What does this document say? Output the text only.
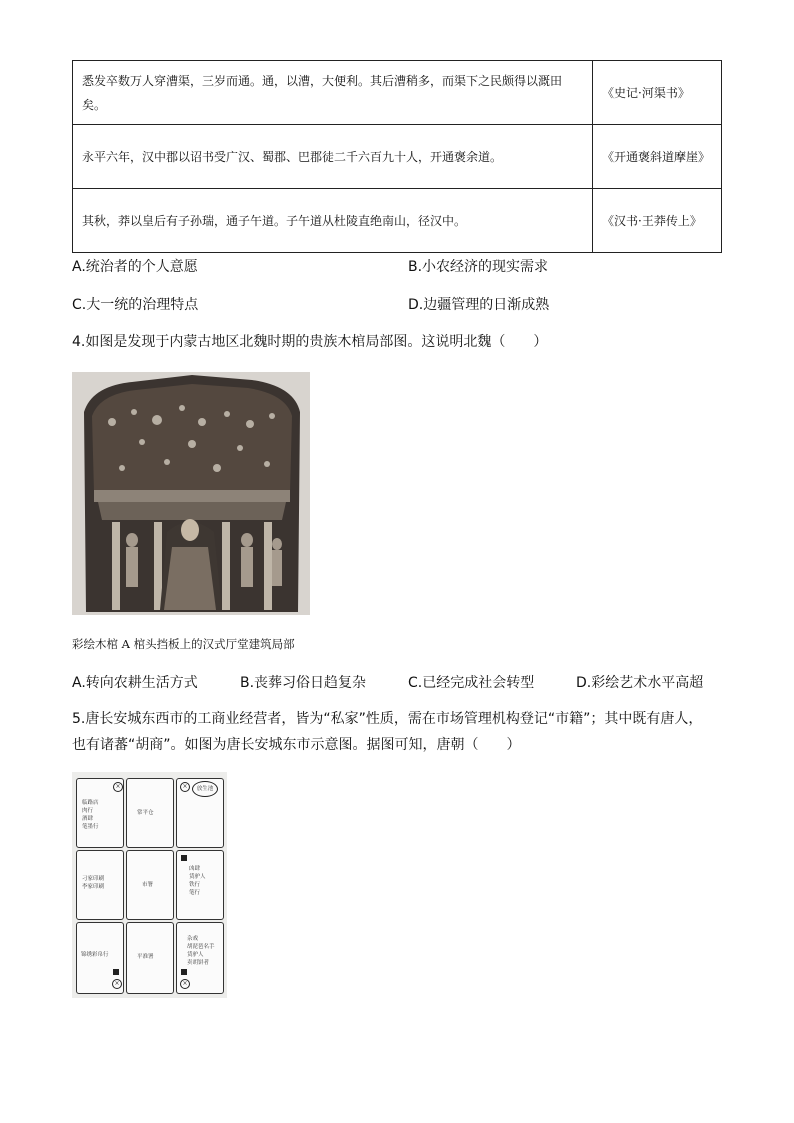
悉发卒数万人穿漕渠，三岁而通。通，以漕，大便利。其后漕稍多，而渠下之民颇得以溉田矣。	《史记·河渠书》
永平六年，汉中郡以诏书受广汉、蜀郡、巴郡徒二千六百九十人，开通褒余道。	《开通褒斜道摩崖》
其秋，莽以皇后有子孙瑞，通子午道。子午道从杜陵直绝南山，径汉中。	《汉书·王莽传上》
A.统治者的个人意愿	B.小农经济的现实需求
C.大一统的治理特点	D.边疆管理的日渐成熟
4.如图是发现于内蒙古地区北魏时期的贵族木棺局部图。这说明北魏（　　）
彩绘木棺 A 棺头挡板上的汉式厅堂建筑局部
A.转向农耕生活方式	B.丧葬习俗日趋复杂	C.已经完成社会转型	D.彩绘艺术水平高超
5.唐长安城东西市的工商业经营者，皆为“私家”性质，需在市场管理机构登记“市籍”；其中既有唐人，
也有诸蕃“胡商”。如图为唐长安城东市示意图。据图可知，唐朝（　　）
临路店
肉行
酒肆
笔墨行
×
常平仓
×	放生池
刁家印刷
李家印刷	市署
凶肆
赁驴人
铁行
笔行
锦绣彩帛行
×
平准署
杂戏
胡琵琶名手
赁驴人
卖胡饼者
×
